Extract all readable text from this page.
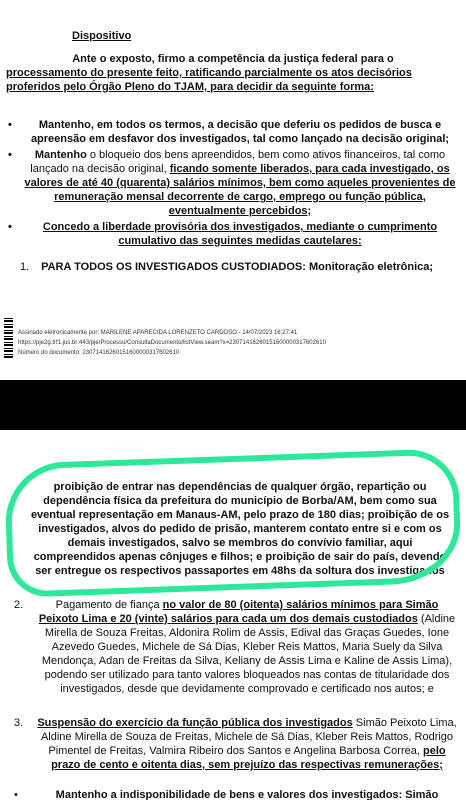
Dispositivo
Ante o exposto, firmo a competência da justiça federal para o
processamento do presente feito, ratificando parcialmente os atos decisórios
proferidos pelo Órgão Pleno do TJAM, para decidir da seguinte forma:
• Mantenho, em todos os termos, a decisão que deferiu os pedidos de busca e apreensão em desfavor dos investigados, tal como lançado na decisão original;
• Mantenho o bloqueio dos bens apreendidos, bem como ativos financeiros, tal como lançado na decisão original, ficando somente liberados, para cada investigado, os valores de até 40 (quarenta) salários mínimos, bem como aqueles provenientes de remuneração mensal decorrente de cargo, emprego ou função pública, eventualmente percebidos;
•	Concedo a liberdade provisória dos investigados, mediante o cumprimento cumulativo das seguintes medidas cautelares:
1. PARA TODOS OS INVESTIGADOS CUSTODIADOS: Monitoração eletrônica;
Assinado eletronicamente por: MARILENE APARECIDA LORENZETO CARDOSO - 14/07/2023 16:27:41
https://pje2g.trf1.jus.br:443/pje/Processo/ConsultaDocumento/listView.seam?x=23071416260151600000317602610
Número do documento: 23071416260151600000317602610
proibição de entrar nas dependências de qualquer órgão, repartição ou dependência física da prefeitura do município de Borba/AM, bem como sua eventual representação em Manaus-AM, pelo prazo de 180 dias; proibição de os investigados, alvos do pedido de prisão, manterem contato entre si e com os demais investigados, salvo se membros do convívio familiar, aqui compreendidos apenas cônjuges e filhos; e proibição de sair do país, devendo ser entregue os respectivos passaportes em 48hs da soltura dos investigados
2.	Pagamento de fiança no valor de 80 (oitenta) salários mínimos para Simão Peixoto Lima e 20 (vinte) salários para cada um dos demais custodiados (Aldine Mirella de Souza Freitas, Aldonira Rolim de Assis, Edival das Graças Guedes, Ione Azevedo Guedes, Michele de Sá Dias, Kleber Reis Mattos, Maria Suely da Silva Mendonça, Adan de Freitas da Silva, Keliany de Assis Lima e Kaline de Assis Lima), podendo ser utilizado para tanto valores bloqueados nas contas de titularidade dos investigados, desde que devidamente comprovado e certificado nos autos; e
3. Suspensão do exercício da função pública dos investigados Simão Peixoto Lima, Aldine Mirella de Souza de Freitas, Michele de Sá Dias, Kleber Reis Mattos, Rodrigo Pimentel de Freitas, Valmira Ribeiro dos Santos e Angelina Barbosa Correa, pelo prazo de cento e oitenta dias, sem prejuízo das respectivas remunerações;
•	Mantenho a indisponibilidade de bens e valores dos investigados: Simão
